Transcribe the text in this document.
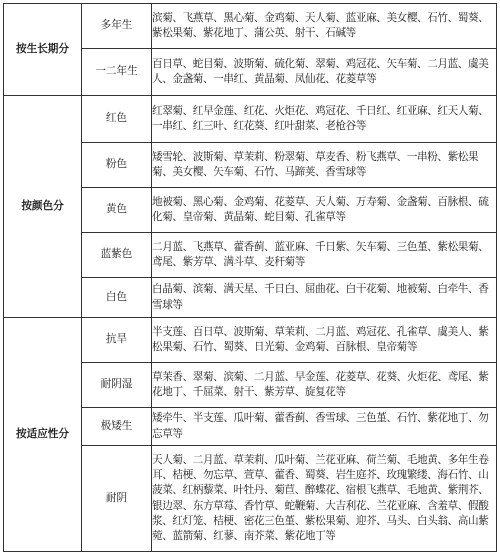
按生长期分	多年生	滨菊、飞燕草、黑心菊、金鸡菊、天人菊、蓝亚麻、美女樱、石竹、蜀葵、紫松果菊、紫花地丁、蒲公英、射干、石碱等
	一二年生	百日草、蛇目菊、波斯菊、硫化菊、翠菊、鸡冠花、矢车菊、二月蓝、虞美人、金盏菊、一串红、黄晶菊、凤仙花、花菱草等
按颜色分	红色	红翠菊、红早金莲、红花、火炬花、鸡冠花、千日红、红亚麻、红天人菊、一串红、红三叶、红花葵、红叶甜菜、老枪谷等
	粉色	矮雪轮、波斯菊、草茉莉、粉翠菊、草麦香、粉飞燕草、一串粉、紫松果菊、美女樱、矢车菊、石竹、马蹄荚、香雪球等
	黄色	地被菊、黑心菊、金鸡菊、花菱草、天人菊、万寿菊、金盏菊、百脉根、硫化菊、皇帝菊、黄晶菊、蛇目菊、孔雀草等
	蓝紫色	二月蓝、飞燕草、藿香蓟、蓝亚麻、千日紫、矢车菊、三色堇、紫松果菊、鸢尾、紫芳草、满斗草、麦秆菊等
	白色	白晶菊、滨菊、满天星、千日白、屈曲花、白干花菊、地被菊、白牵牛、香雪球等
按适应性分	抗旱	半支莲、百日草、波斯菊、草茉莉、二月蓝、鸡冠花、孔雀草、虞美人、紫松果菊、石竹、蜀葵、日光菊、金鸡菊、百脉根、皇帝菊等
	耐阴湿	草茉香、翠菊、滨菊、二月蓝、早金莲、花菱草、花葵、火炬花、鸢尾、紫花地丁、千屈菜、射干、紫芳草、旋复花等
	极矮生	矮牵牛、半支莲、瓜叶菊、藿香蓟、香雪球、三色堇、石竹、紫花地丁、勿忘草等
	耐阴	天人菊、二月蓝、草茉莉、瓜叶菊、兰花亚麻、荷兰菊、毛地黄、多年生卷耳、桔梗、勿忘草、萱草、藿香、蜀葵、岩生庭芥、玫瑰繁缕、海石竹、山菠菜、红柄藜菜、叶牡丹、菊苣、醉蝶花、宿根飞燕草、毛地黄、紫荆芥、银边翠、东方草莓、香竹草、蛇鞭菊、大吉利花、兰花亚麻、含羞草、假酸浆、红灯笼、桔梗、密花三色堇、紫松果菊、迎芥、马头、白头翁、高山紫菀、蓝箭菊、红蓼、南芥菜、紫花地丁等
